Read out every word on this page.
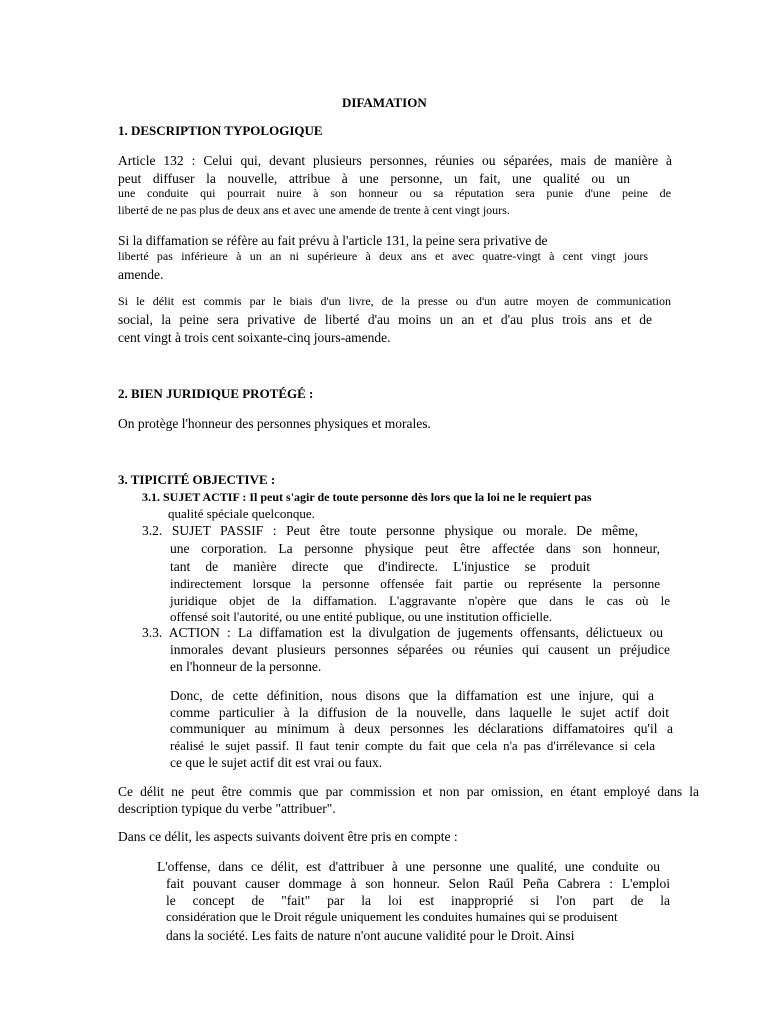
DIFAMATION
1. DESCRIPTION TYPOLOGIQUE
Article 132 : Celui qui, devant plusieurs personnes, réunies ou séparées, mais de manière à
peut diffuser la nouvelle, attribue à une personne, un fait, une qualité ou un
une conduite qui pourrait nuire à son honneur ou sa réputation sera punie d'une peine de
liberté de ne pas plus de deux ans et avec une amende de trente à cent vingt jours.
Si la diffamation se réfère au fait prévu à l'article 131, la peine sera privative de
liberté pas inférieure à un an ni supérieure à deux ans et avec quatre-vingt à cent vingt jours
amende.
Si le délit est commis par le biais d'un livre, de la presse ou d'un autre moyen de communication
social, la peine sera privative de liberté d'au moins un an et d'au plus trois ans et de
cent vingt à trois cent soixante-cinq jours-amende.
2. BIEN JURIDIQUE PROTÉGÉ :
On protège l'honneur des personnes physiques et morales.
3. TIPICITÉ OBJECTIVE :
3.1. SUJET ACTIF : Il peut s'agir de toute personne dès lors que la loi ne le requiert pas
qualité spéciale quelconque.
3.2. SUJET PASSIF : Peut être toute personne physique ou morale. De même,
une corporation. La personne physique peut être affectée dans son honneur,
tant de manière directe que d'indirecte. L'injustice se produit
indirectement lorsque la personne offensée fait partie ou représente la personne
juridique objet de la diffamation. L'aggravante n'opère que dans le cas où le
offensé soit l'autorité, ou une entité publique, ou une institution officielle.
3.3. ACTION : La diffamation est la divulgation de jugements offensants, délictueux ou
inmorales devant plusieurs personnes séparées ou réunies qui causent un préjudice
en l'honneur de la personne.
Donc, de cette définition, nous disons que la diffamation est une injure, qui a
comme particulier à la diffusion de la nouvelle, dans laquelle le sujet actif doit
communiquer au minimum à deux personnes les déclarations diffamatoires qu'il a
réalisé le sujet passif. Il faut tenir compte du fait que cela n'a pas d'irrélevance si cela
ce que le sujet actif dit est vrai ou faux.
Ce délit ne peut être commis que par commission et non par omission, en étant employé dans la
description typique du verbe "attribuer".
Dans ce délit, les aspects suivants doivent être pris en compte :
L'offense, dans ce délit, est d'attribuer à une personne une qualité, une conduite ou
fait pouvant causer dommage à son honneur. Selon Raúl Peña Cabrera : L'emploi
le concept de "fait" par la loi est inapproprié si l'on part de la
considération que le Droit régule uniquement les conduites humaines qui se produisent
dans la société. Les faits de nature n'ont aucune validité pour le Droit. Ainsi
